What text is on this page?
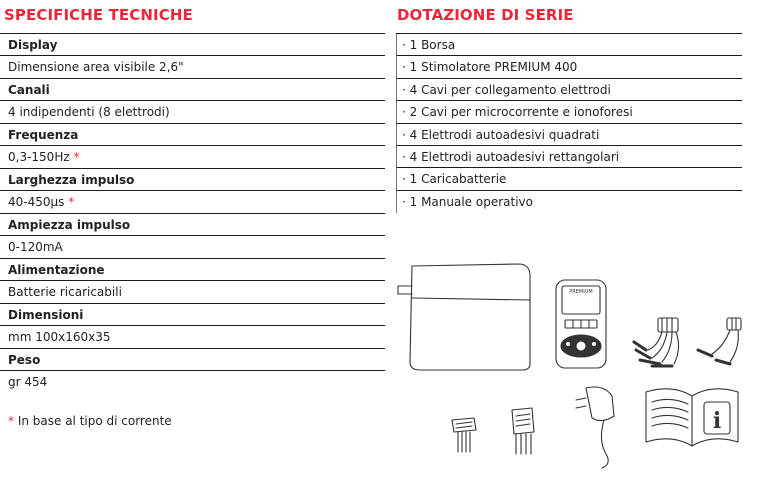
SPECIFICHE TECNICHE
Display
Dimensione area visibile 2,6"
Canali
4 indipendenti (8 elettrodi)
Frequenza
0,3-150Hz *
Larghezza impulso
40-450µs *
Ampiezza impulso
0-120mA
Alimentazione
Batterie ricaricabili
Dimensioni
mm 100x160x35
Peso
gr 454
* In base al tipo di corrente
DOTAZIONE DI SERIE
· 1 Borsa
· 1 Stimolatore PREMIUM 400
· 4 Cavi per collegamento elettrodi
· 2 Cavi per microcorrente e ionoforesi
· 4 Elettrodi autoadesivi quadrati
· 4 Elettrodi autoadesivi rettangolari
· 1 Caricabatterie
· 1 Manuale operativo
PREMIUM
i
